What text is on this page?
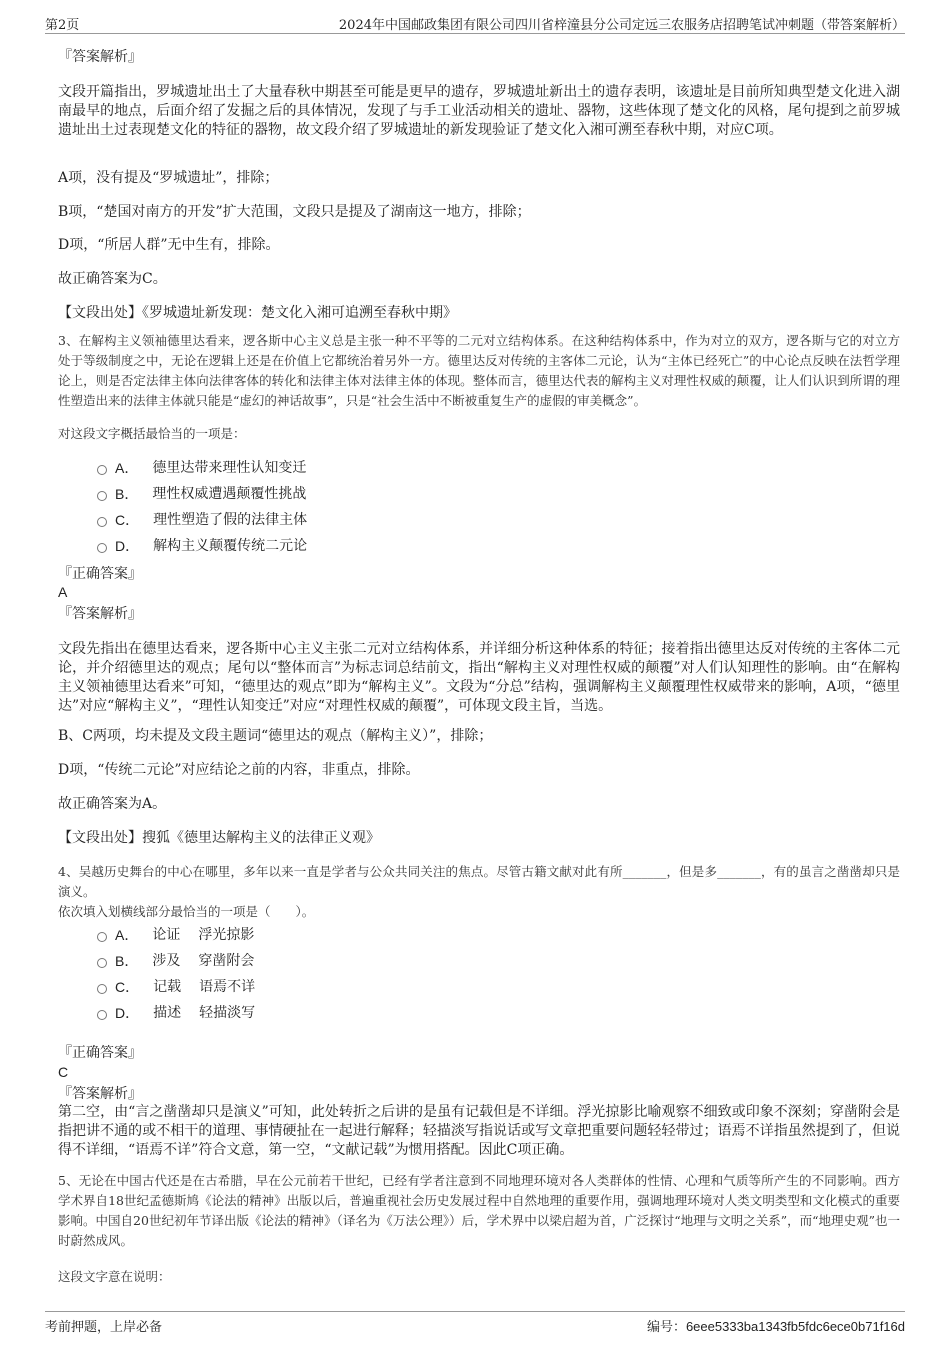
第2页	2024年中国邮政集团有限公司四川省梓潼县分公司定远三农服务店招聘笔试冲刺题（带答案解析）
『答案解析』
文段开篇指出，罗城遗址出土了大量春秋中期甚至可能是更早的遗存，罗城遗址新出土的遗存表明，该遗址是目前所知典型楚文化进入湖南最早的地点，后面介绍了发掘之后的具体情况，发现了与手工业活动相关的遗址、器物，这些体现了楚文化的风格，尾句提到之前罗城遗址出土过表现楚文化的特征的器物，故文段介绍了罗城遗址的新发现验证了楚文化入湘可溯至春秋中期，对应C项。
A项，没有提及“罗城遗址”，排除；
B项，“楚国对南方的开发”扩大范围，文段只是提及了湖南这一地方，排除；
D项，“所居人群”无中生有，排除。
故正确答案为C。
【文段出处】《罗城遗址新发现：楚文化入湘可追溯至春秋中期》
3、在解构主义领袖德里达看来，逻各斯中心主义总是主张一种不平等的二元对立结构体系。在这种结构体系中，作为对立的双方，逻各斯与它的对立方处于等级制度之中，无论在逻辑上还是在价值上它都统治着另外一方。德里达反对传统的主客体二元论，认为“主体已经死亡”的中心论点反映在法哲学理论上，则是否定法律主体向法律客体的转化和法律主体对法律主体的体现。整体而言，德里达代表的解构主义对理性权威的颠覆，让人们认识到所谓的理性塑造出来的法律主体就只能是“虚幻的神话故事”，只是“社会生活中不断被重复生产的虚假的审美概念”。
对这段文字概括最恰当的一项是：
A． 德里达带来理性认知变迁
B． 理性权威遭遇颠覆性挑战
C． 理性塑造了假的法律主体
D． 解构主义颠覆传统二元论
『正确答案』
A
『答案解析』
文段先指出在德里达看来，逻各斯中心主义主张二元对立结构体系，并详细分析这种体系的特征；接着指出德里达反对传统的主客体二元论，并介绍德里达的观点；尾句以“整体而言”为标志词总结前文，指出“解构主义对理性权威的颠覆”对人们认知理性的影响。由“在解构主义领袖德里达看来”可知，“德里达的观点”即为“解构主义”。文段为“分总”结构，强调解构主义颠覆理性权威带来的影响，A项，“德里达”对应“解构主义”，“理性认知变迁”对应“对理性权威的颠覆”，可体现文段主旨，当选。
B、C两项，均未提及文段主题词“德里达的观点（解构主义）”，排除；
D项，“传统二元论”对应结论之前的内容，非重点，排除。
故正确答案为A。
【文段出处】搜狐《德里达解构主义的法律正义观》
4、吴越历史舞台的中心在哪里，多年以来一直是学者与公众共同关注的焦点。尽管古籍文献对此有所_______，但是多_______，有的虽言之凿凿却只是演义。
依次填入划横线部分最恰当的一项是（　　）。
A． 论证 浮光掠影
B． 涉及 穿凿附会
C． 记载 语焉不详
D． 描述 轻描淡写
『正确答案』
C
『答案解析』
第二空，由“言之凿凿却只是演义”可知，此处转折之后讲的是虽有记载但是不详细。浮光掠影比喻观察不细致或印象不深刻；穿凿附会是指把讲不通的或不相干的道理、事情硬扯在一起进行解释；轻描淡写指说话或写文章把重要问题轻轻带过；语焉不详指虽然提到了，但说得不详细，“语焉不详”符合文意，第一空，“文献记载”为惯用搭配。因此C项正确。
5、无论在中国古代还是在古希腊，早在公元前若干世纪，已经有学者注意到不同地理环境对各人类群体的性情、心理和气质等所产生的不同影响。西方学术界自18世纪孟德斯鸠《论法的精神》出版以后，普遍重视社会历史发展过程中自然地理的重要作用，强调地理环境对人类文明类型和文化模式的重要影响。中国自20世纪初年节译出版《论法的精神》（译名为《万法公理》）后，学术界中以梁启超为首，广泛探讨“地理与文明之关系”，而“地理史观”也一时蔚然成风。
这段文字意在说明：
考前押题，上岸必备	编号：6eee5333ba1343fb5fdc6ece0b71f16d
